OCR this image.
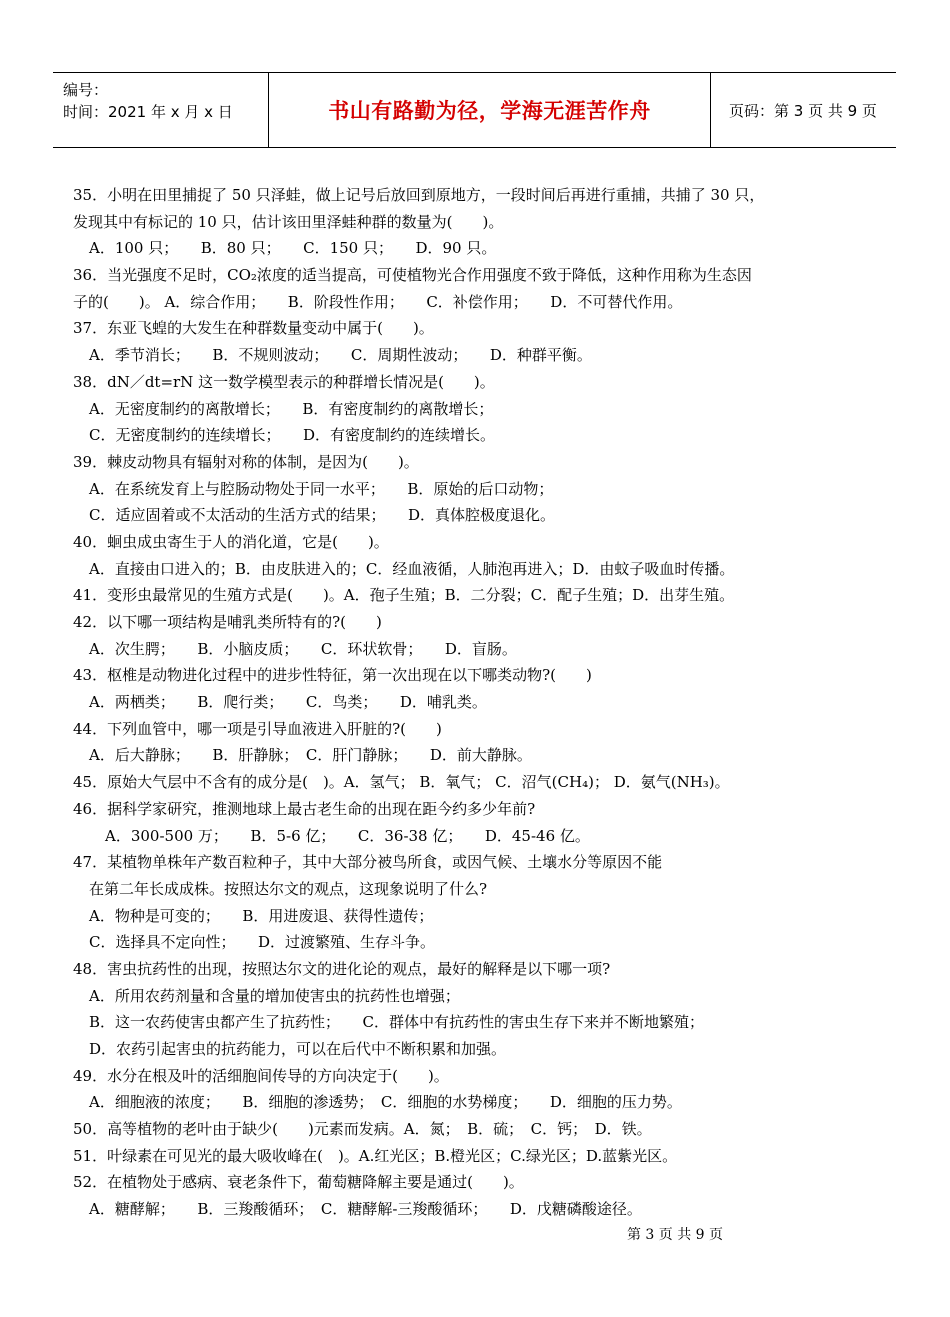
编号：
时间：2021 年 x 月 x 日	书山有路勤为径，学海无涯苦作舟	页码：第 3 页 共 9 页
35．小明在田里捕捉了 50 只泽蛙，做上记号后放回到原地方，一段时间后再进行重捕，共捕了 30 只，
发现其中有标记的 10 只，估计该田里泽蛙种群的数量为(　　)。
A．100 只；　　B．80 只；　　C．150 只；　　D．90 只。
36．当光强度不足时，CO₂浓度的适当提高，可使植物光合作用强度不致于降低，这种作用称为生态因
子的(　　)。 A．综合作用；　　B．阶段性作用；　　C．补偿作用；　　D．不可替代作用。
37．东亚飞蝗的大发生在种群数量变动中属于(　　)。
A．季节消长；　　B．不规则波动；　　C．周期性波动；　　D．种群平衡。
38．dN／dt=rN 这一数学模型表示的种群增长情况是(　　)。
A．无密度制约的离散增长；　　B．有密度制约的离散增长；
C．无密度制约的连续增长；　　D．有密度制约的连续增长。
39．棘皮动物具有辐射对称的体制，是因为(　　)。
A．在系统发育上与腔肠动物处于同一水平；　　B．原始的后口动物；
C．适应固着或不太活动的生活方式的结果；　　D．真体腔极度退化。
40．蛔虫成虫寄生于人的消化道，它是(　　)。
A．直接由口进入的；B．由皮肤进入的；C．经血液循，人肺泡再进入；D．由蚊子吸血时传播。
41．变形虫最常见的生殖方式是(　　)。A．孢子生殖；B．二分裂；C．配子生殖；D．出芽生殖。
42．以下哪一项结构是哺乳类所特有的?(　　)
A．次生腭；　　B．小脑皮质；　　C．环状软骨；　　D．盲肠。
43．枢椎是动物进化过程中的进步性特征，第一次出现在以下哪类动物?(　　)
A．两栖类；　　B．爬行类；　　C．鸟类；　　D．哺乳类。
44．下列血管中，哪一项是引导血液进入肝脏的?(　　)
A．后大静脉；　　B．肝静脉；　C．肝门静脉；　　D．前大静脉。
45．原始大气层中不含有的成分是(　)。A．氢气； B．氧气； C．沼气(CH₄)； D．氨气(NH₃)。
46．据科学家研究，推测地球上最古老生命的出现在距今约多少年前?
A．300-500 万；　　B．5-6 亿；　　C．36-38 亿；　　D．45-46 亿。
47．某植物单株年产数百粒种子，其中大部分被鸟所食，或因气候、土壤水分等原因不能
在第二年长成成株。按照达尔文的观点，这现象说明了什么?
A．物种是可变的；　　B．用进废退、获得性遗传；
C．选择具不定向性；　　D．过渡繁殖、生存斗争。
48．害虫抗药性的出现，按照达尔文的进化论的观点，最好的解释是以下哪一项?
A．所用农药剂量和含量的增加使害虫的抗药性也增强；
B．这一农药使害虫都产生了抗药性；　　C．群体中有抗药性的害虫生存下来并不断地繁殖；
D．农药引起害虫的抗药能力，可以在后代中不断积累和加强。
49．水分在根及叶的活细胞间传导的方向决定于(　　)。
A．细胞液的浓度；　　B．细胞的渗透势；　C．细胞的水势梯度；　　D．细胞的压力势。
50．高等植物的老叶由于缺少(　　)元素而发病。A．氮；　B．硫；　C．钙；　D．铁。
51．叶绿素在可见光的最大吸收峰在(　)。A.红光区；B.橙光区；C.绿光区；D.蓝紫光区。
52．在植物处于感病、衰老条件下，葡萄糖降解主要是通过(　　)。
A．糖酵解；　　B．三羧酸循环；　C．糖酵解-三羧酸循环；　　D．戊糖磷酸途径。
第 3 页 共 9 页
